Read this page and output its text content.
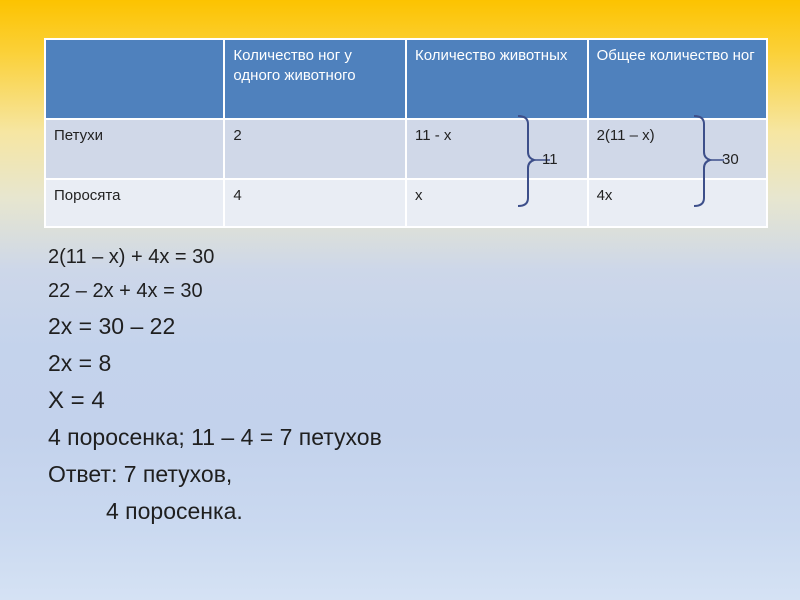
	Количество ног у одного животного	Количество животных	Общее количество ног
Петухи	2	11 - х	2(11 – х)
Поросята	4	х	4х
11	30

2(11 – х) + 4х = 30

22 – 2х + 4х = 30

2х = 30 – 22

2х = 8

Х = 4

4 поросенка; 11 – 4 = 7 петухов

Ответ: 7 петухов,

4 поросенка.
